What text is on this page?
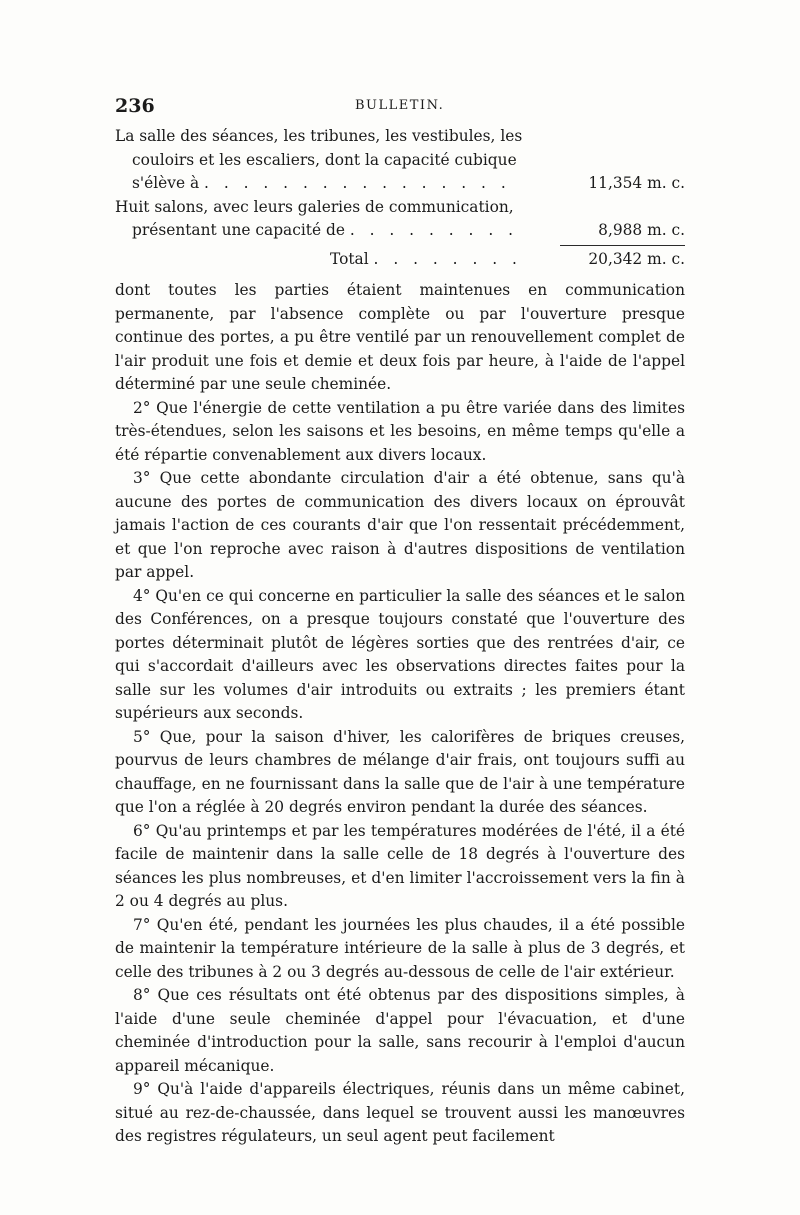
236	BULLETIN.
La salle des séances, les tribunes, les vestibules, les
couloirs et les escaliers, dont la capacité cubique
s'élève à . . . . . . . . . . . . . . . .	11,354 m. c.
Huit salons, avec leurs galeries de communication,
présentant une capacité de . . . . . . . . .	8,988 m. c.
Total . . . . . . . .	20,342 m. c.

dont toutes les parties étaient maintenues en communication permanente, par l'absence complète ou par l'ouverture presque continue des portes, a pu être ventilé par un renouvellement complet de l'air produit une fois et demie et deux fois par heure, à l'aide de l'appel déterminé par une seule cheminée.

2° Que l'énergie de cette ventilation a pu être variée dans des limites très-étendues, selon les saisons et les besoins, en même temps qu'elle a été répartie convenablement aux divers locaux.

3° Que cette abondante circulation d'air a été obtenue, sans qu'à aucune des portes de communication des divers locaux on éprouvât jamais l'action de ces courants d'air que l'on ressentait précédemment, et que l'on reproche avec raison à d'autres dispositions de ventilation par appel.

4° Qu'en ce qui concerne en particulier la salle des séances et le salon des Conférences, on a presque toujours constaté que l'ouverture des portes déterminait plutôt de légères sorties que des rentrées d'air, ce qui s'accordait d'ailleurs avec les observations directes faites pour la salle sur les volumes d'air introduits ou extraits ; les premiers étant supérieurs aux seconds.

5° Que, pour la saison d'hiver, les calorifères de briques creuses, pourvus de leurs chambres de mélange d'air frais, ont toujours suffi au chauffage, en ne fournissant dans la salle que de l'air à une température que l'on a réglée à 20 degrés environ pendant la durée des séances.

6° Qu'au printemps et par les températures modérées de l'été, il a été facile de maintenir dans la salle celle de 18 degrés à l'ouverture des séances les plus nombreuses, et d'en limiter l'accroissement vers la fin à 2 ou 4 degrés au plus.

7° Qu'en été, pendant les journées les plus chaudes, il a été possible de maintenir la température intérieure de la salle à plus de 3 degrés, et celle des tribunes à 2 ou 3 degrés au-dessous de celle de l'air extérieur.

8° Que ces résultats ont été obtenus par des dispositions simples, à l'aide d'une seule cheminée d'appel pour l'évacuation, et d'une cheminée d'introduction pour la salle, sans recourir à l'emploi d'aucun appareil mécanique.

9° Qu'à l'aide d'appareils électriques, réunis dans un même cabinet, situé au rez-de-chaussée, dans lequel se trouvent aussi les manœuvres des registres régulateurs, un seul agent peut facilement
